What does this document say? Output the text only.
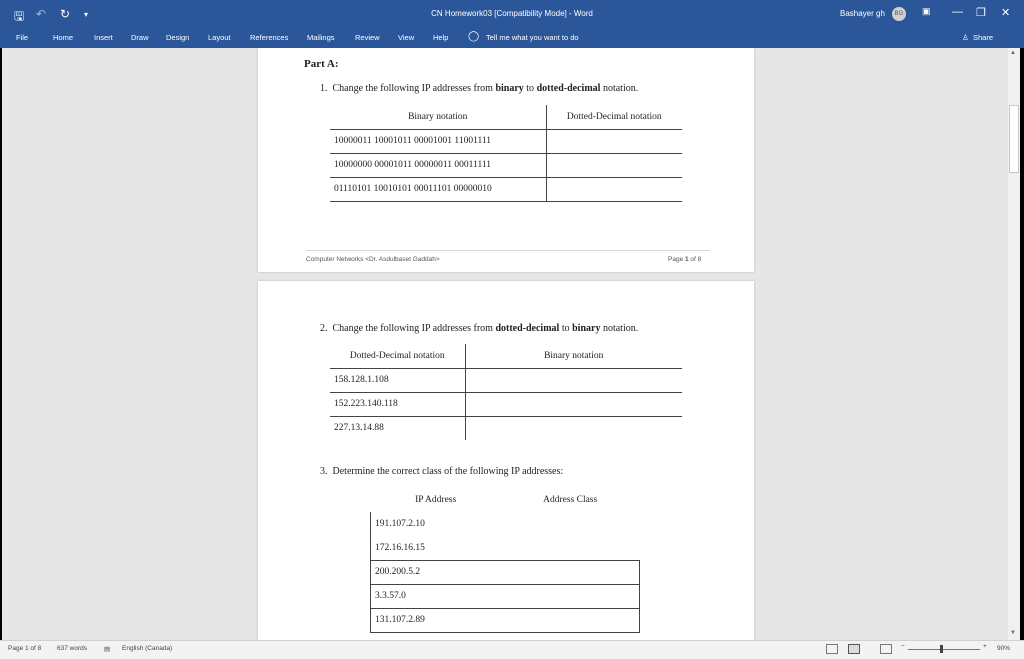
🖫 ↶ ↻ ▾	CN Homework03 [Compatibility Mode] - Word	Bashayer gh	BG ▣ — ❐ ✕
File	Home	Insert Draw Design Layout	References Mailings	Review View	Help ◯ Tell me what you want to do	♙ Share
Part A:
1. Change the following IP addresses from binary to dotted-decimal notation.
Binary notation	Dotted-Decimal notation
10000011 10001011 00001001 11001111	
10000000 00001011 00000011 00011111	
01110101 10010101 00011101 00000010	
Computer Networks <Dr. Asdulbaset Gaddah>	Page 1 of 8
2. Change the following IP addresses from dotted-decimal to binary notation.
Dotted-Decimal notation	Binary notation
158.128.1.108	
152.223.140.118	
227.13.14.88	
3. Determine the correct class of the following IP addresses:
IP Address	Address Class
191.107.2.10	
172.16.16.15	
200.200.5.2	
3.3.57.0	
131.107.2.89	
▲
▼
Page 1 of 8 637 words	▤ English (Canada)	−	+ 90%
